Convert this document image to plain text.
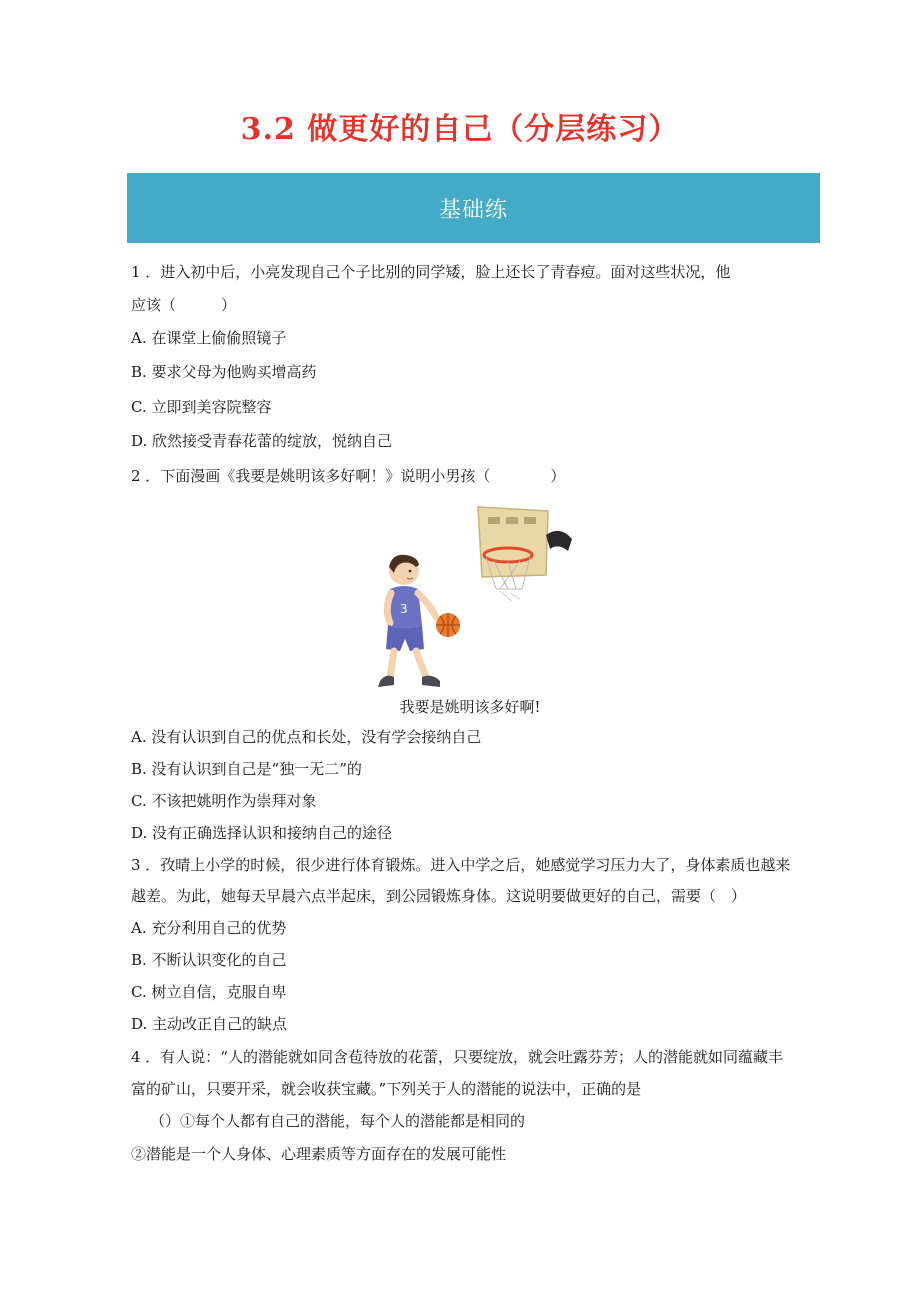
3.2 做更好的自己（分层练习）
基础练

1 ．进入初中后，小亮发现自己个子比别的同学矮，脸上还长了青春痘。面对这些状况，他

应该（　　　）

A. 在课堂上偷偷照镜子

B. 要求父母为他购买增高药

C. 立即到美容院整容

D. 欣然接受青春花蕾的绽放，悦纳自己

2 ．下面漫画《我要是姚明该多好啊！》说明小男孩（　　　　）

3

我要是姚明该多好啊!

A. 没有认识到自己的优点和长处，没有学会接纳自己

B. 没有认识到自己是“独一无二”的

C. 不该把姚明作为崇拜对象

D. 没有正确选择认识和接纳自己的途径

3 ．孜晴上小学的时候，很少进行体育锻炼。进入中学之后，她感觉学习压力大了，身体素质也越来

越差。为此，她每天早晨六点半起床，到公园锻炼身体。这说明要做更好的自己，需要（　）

A. 充分利用自己的优势

B. 不断认识变化的自己

C. 树立自信，克服自卑

D. 主动改正自己的缺点

4 ．有人说：“人的潜能就如同含苞待放的花蕾，只要绽放，就会吐露芬芳；人的潜能就如同蕴藏丰

富的矿山，只要开采，就会收获宝藏。”下列关于人的潜能的说法中，正确的是

（）①每个人都有自己的潜能，每个人的潜能都是相同的

②潜能是一个人身体、心理素质等方面存在的发展可能性
